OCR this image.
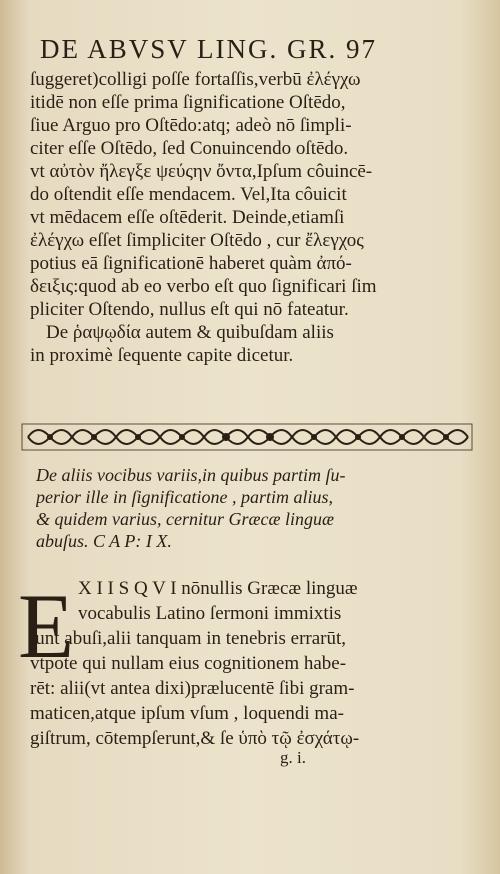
DE ABVSV LING. GR. 97
ſuggeret)colligi poſſe fortaſſis,verbū ἐλέγχω
itidē non eſſe prima ſignificatione Oſtēdo,
ſiue Arguo pro Oſtēdo:atq; adeò nō ſimpli-
citer eſſe Oſtēdo, ſed Conuincendo oſtēdo.
vt αὐτὸν ἤλεγξε ψεύςην ὄντα,Ipſum côuincē-
do oſtendit eſſe mendacem. Vel,Ita côuicit
vt mēdacem eſſe oſtēderit. Deinde,etiamſi
ἐλέγχω eſſet ſimpliciter Oſtēdo , cur ἔλεγχος
potius eā ſignificationē haberet quàm ἀπό-
δειξις:quod ab eo verbo eſt quo ſignificari ſim
pliciter Oſtendo, nullus eſt qui nō fateatur.
De ῥαψῳδία autem & quibuſdam aliis
in proximè ſequente capite dicetur.
De aliis vocibus variis,in quibus partim ſu-
perior ille in ſignificatione , partim alius,
& quidem varius, cernitur Græcæ linguæ
abuſus. C A P: I X.
E X I I S Q V I nōnullis Græcæ linguæ
vocabulis Latino ſermoni immixtis
ſunt abuſi,alii tanquam in tenebris errarūt,
vtpote qui nullam eius cognitionem habe-
rēt: alii(vt antea dixi)prælucentē ſibi gram-
maticen,atque ipſum vſum , loquendi ma-
giſtrum, cōtempſerunt,& ſe ὑπὸ τῷ ἐσχάτῳ-
g. i.
